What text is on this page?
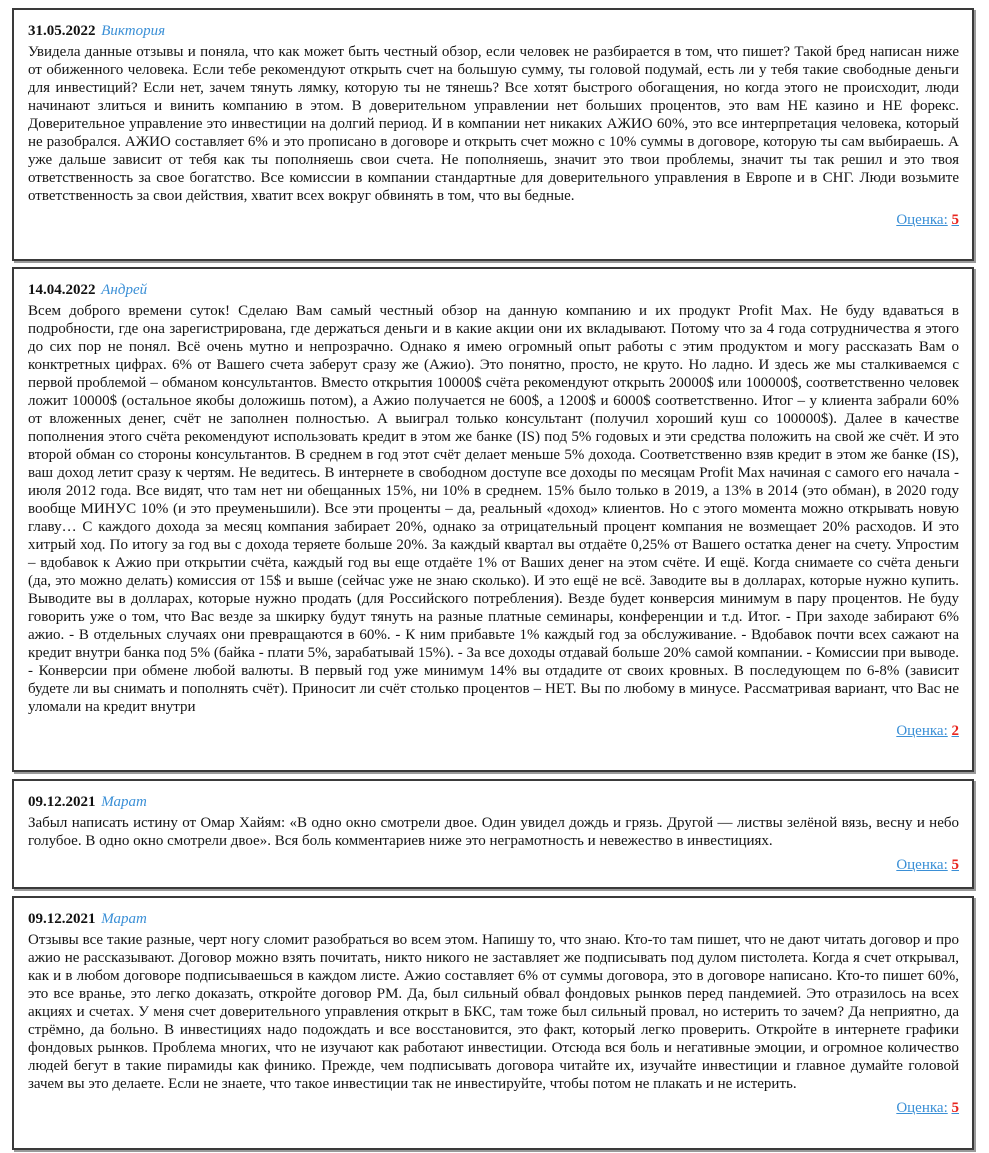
31.05.2022 Виктория
Увидела данные отзывы и поняла, что как может быть честный обзор, если человек не разбирается в том, что пишет? Такой бред написан ниже от обиженного человека. Если тебе рекомендуют открыть счет на большую сумму, ты головой подумай, есть ли у тебя такие свободные деньги для инвестиций? Если нет, зачем тянуть лямку, которую ты не тянешь? Все хотят быстрого обогащения, но когда этого не происходит, люди начинают злиться и винить компанию в этом. В доверительном управлении нет больших процентов, это вам НЕ казино и НЕ форекс. Доверительное управление это инвестиции на долгий период. И в компании нет никаких АЖИО 60%, это все интерпретация человека, который не разобрался. АЖИО составляет 6% и это прописано в договоре и открыть счет можно с 10% суммы в договоре, которую ты сам выбираешь. А уже дальше зависит от тебя как ты пополняешь свои счета. Не пополняешь, значит это твои проблемы, значит ты так решил и это твоя ответственность за свое богатство. Все комиссии в компании стандартные для доверительного управления в Европе и в СНГ. Люди возьмите ответственность за свои действия, хватит всех вокруг обвинять в том, что вы бедные.
Оценка: 5
14.04.2022 Андрей
Всем доброго времени суток! Сделаю Вам самый честный обзор на данную компанию и их продукт Profit Max. Не буду вдаваться в подробности, где она зарегистрирована, где держаться деньги и в какие акции они их вкладывают. Потому что за 4 года сотрудничества я этого до сих пор не понял. Всё очень мутно и непрозрачно. Однако я имею огромный опыт работы с этим продуктом и могу рассказать Вам о конктретных цифрах. 6% от Вашего счета заберут сразу же (Ажио). Это понятно, просто, не круто. Но ладно. И здесь же мы сталкиваемся с первой проблемой – обманом консультантов. Вместо открытия 10000$ счёта рекомендуют открыть 20000$ или 100000$, соответственно человек ложит 10000$ (остальное якобы доложишь потом), а Ажио получается не 600$, а 1200$ и 6000$ соответственно. Итог – у клиента забрали 60% от вложенных денег, счёт не заполнен полностью. А выиграл только консультант (получил хороший куш со 100000$). Далее в качестве пополнения этого счёта рекомендуют использовать кредит в этом же банке (IS) под 5% годовых и эти средства положить на свой же счёт. И это второй обман со стороны консультантов. В среднем в год этот счёт делает меньше 5% дохода. Соответственно взяв кредит в этом же банке (IS), ваш доход летит сразу к чертям. Не ведитесь. В интернете в свободном доступе все доходы по месяцам Profit Max начиная с самого его начала - июля 2012 года. Все видят, что там нет ни обещанных 15%, ни 10% в среднем. 15% было только в 2019, а 13% в 2014 (это обман), в 2020 году вообще МИНУС 10% (и это преуменьшили). Все эти проценты – да, реальный «доход» клиентов. Но с этого момента можно открывать новую главу… С каждого дохода за месяц компания забирает 20%, однако за отрицательный процент компания не возмещает 20% расходов. И это хитрый ход. По итогу за год вы с дохода теряете больше 20%. За каждый квартал вы отдаёте 0,25% от Вашего остатка денег на счету. Упростим – вдобавок к Ажио при открытии счёта, каждый год вы еще отдаёте 1% от Ваших денег на этом счёте. И ещё. Когда снимаете со счёта деньги (да, это можно делать) комиссия от 15$ и выше (сейчас уже не знаю сколько). И это ещё не всё. Заводите вы в долларах, которые нужно купить. Выводите вы в долларах, которые нужно продать (для Российского потребления). Везде будет конверсия минимум в пару процентов. Не буду говорить уже о том, что Вас везде за шкирку будут тянуть на разные платные семинары, конференции и т.д. Итог. - При заходе забирают 6% ажио. - В отдельных случаях они превращаются в 60%. - К ним прибавьте 1% каждый год за обслуживание. - Вдобавок почти всех сажают на кредит внутри банка под 5% (байка - плати 5%, зарабатывай 15%). - За все доходы отдавай больше 20% самой компании. - Комиссии при выводе. - Конверсии при обмене любой валюты. В первый год уже минимум 14% вы отдадите от своих кровных. В последующем по 6-8% (зависит будете ли вы снимать и пополнять счёт). Приносит ли счёт столько процентов – НЕТ. Вы по любому в минусе. Рассматривая вариант, что Вас не уломали на кредит внутри
Оценка: 2
09.12.2021 Марат
Забыл написать истину от Омар Хайям: «В одно окно смотрели двое. Один увидел дождь и грязь. Другой — листвы зелёной вязь, весну и небо голубое. В одно окно смотрели двое». Вся боль комментариев ниже это неграмотность и невежество в инвестициях.
Оценка: 5
09.12.2021 Марат
Отзывы все такие разные, черт ногу сломит разобраться во всем этом. Напишу то, что знаю. Кто-то там пишет, что не дают читать договор и про ажио не рассказывают. Договор можно взять почитать, никто никого не заставляет же подписывать под дулом пистолета. Когда я счет открывал, как и в любом договоре подписываешься в каждом листе. Ажио составляет 6% от суммы договора, это в договоре написано. Кто-то пишет 60%, это все вранье, это легко доказать, откройте договор PM. Да, был сильный обвал фондовых рынков перед пандемией. Это отразилось на всех акциях и счетах. У меня счет доверительного управления открыт в БКС, там тоже был сильный провал, но истерить то зачем? Да неприятно, да стрёмно, да больно. В инвестициях надо подождать и все восстановится, это факт, который легко проверить. Откройте в интернете графики фондовых рынков. Проблема многих, что не изучают как работают инвестиции. Отсюда вся боль и негативные эмоции, и огромное количество людей бегут в такие пирамиды как финико. Прежде, чем подписывать договора читайте их, изучайте инвестиции и главное думайте головой зачем вы это делаете. Если не знаете, что такое инвестиции так не инвестируйте, чтобы потом не плакать и не истерить.
Оценка: 5
